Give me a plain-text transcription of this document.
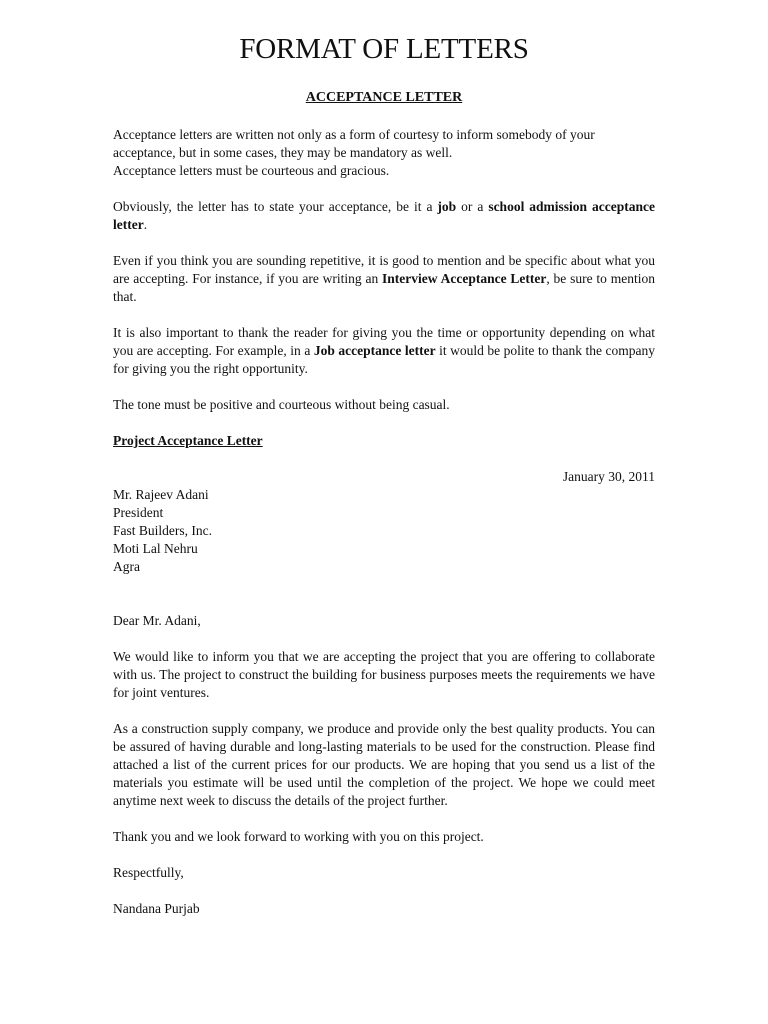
FORMAT OF LETTERS
ACCEPTANCE LETTER

Acceptance letters are written not only as a form of courtesy to inform somebody of your acceptance, but in some cases, they may be mandatory as well.

Acceptance letters must be courteous and gracious.

Obviously, the letter has to state your acceptance, be it a job or a school admission acceptance letter.

Even if you think you are sounding repetitive, it is good to mention and be specific about what you are accepting. For instance, if you are writing an Interview Acceptance Letter, be sure to mention that.

It is also important to thank the reader for giving you the time or opportunity depending on what you are accepting. For example, in a Job acceptance letter it would be polite to thank the company for giving you the right opportunity.

The tone must be positive and courteous without being casual.

Project Acceptance Letter

January 30, 2011

Mr. Rajeev Adani

President

Fast Builders, Inc.

Moti Lal Nehru

Agra

Dear Mr. Adani,

We would like to inform you that we are accepting the project that you are offering to collaborate with us. The project to construct the building for business purposes meets the requirements we have for joint ventures.

As a construction supply company, we produce and provide only the best quality products. You can be assured of having durable and long-lasting materials to be used for the construction. Please find attached a list of the current prices for our products. We are hoping that you send us a list of the materials you estimate will be used until the completion of the project. We hope we could meet anytime next week to discuss the details of the project further.

Thank you and we look forward to working with you on this project.

Respectfully,

Nandana Purjab
